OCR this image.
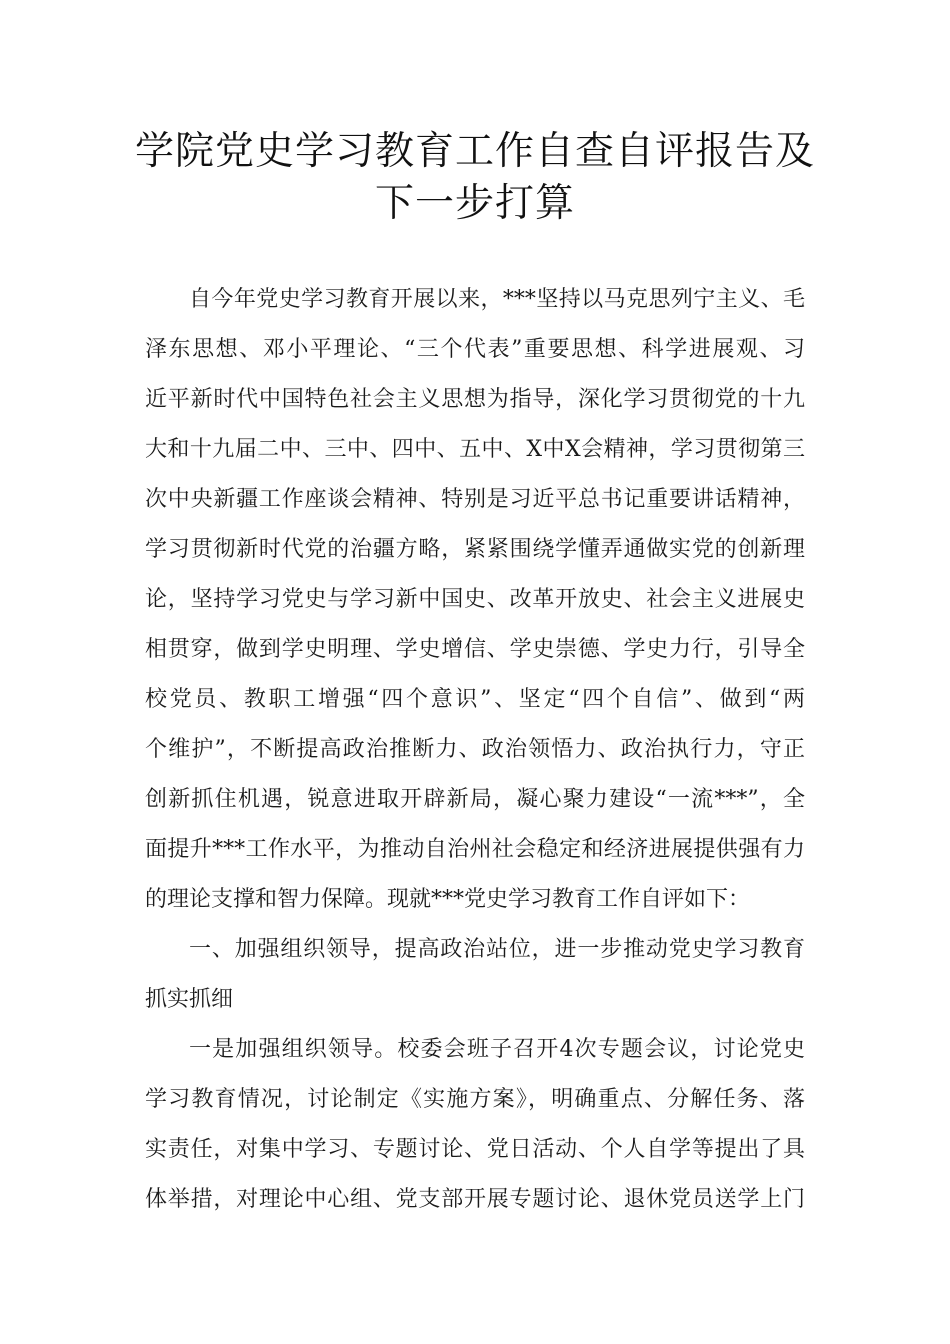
学院党史学习教育工作自查自评报告及
下一步打算
自今年党史学习教育开展以来，***坚持以马克思列宁主义、毛
泽东思想、邓小平理论、“三个代表”重要思想、科学进展观、习
近平新时代中国特色社会主义思想为指导，深化学习贯彻党的十九
大和十九届二中、三中、四中、五中、X中X会精神，学习贯彻第三
次中央新疆工作座谈会精神、特别是习近平总书记重要讲话精神，
学习贯彻新时代党的治疆方略，紧紧围绕学懂弄通做实党的创新理
论，坚持学习党史与学习新中国史、改革开放史、社会主义进展史
相贯穿，做到学史明理、学史增信、学史崇德、学史力行，引导全
校党员、教职工增强“四个意识”、坚定“四个自信”、做到“两
个维护”，不断提高政治推断力、政治领悟力、政治执行力，守正
创新抓住机遇，锐意进取开辟新局，凝心聚力建设“一流***”，全
面提升***工作水平，为推动自治州社会稳定和经济进展提供强有力
的理论支撑和智力保障。现就***党史学习教育工作自评如下：
一、加强组织领导，提高政治站位，进一步推动党史学习教育
抓实抓细
一是加强组织领导。校委会班子召开4次专题会议，讨论党史
学习教育情况，讨论制定《实施方案》，明确重点、分解任务、落
实责任，对集中学习、专题讨论、党日活动、个人自学等提出了具
体举措，对理论中心组、党支部开展专题讨论、退休党员送学上门
